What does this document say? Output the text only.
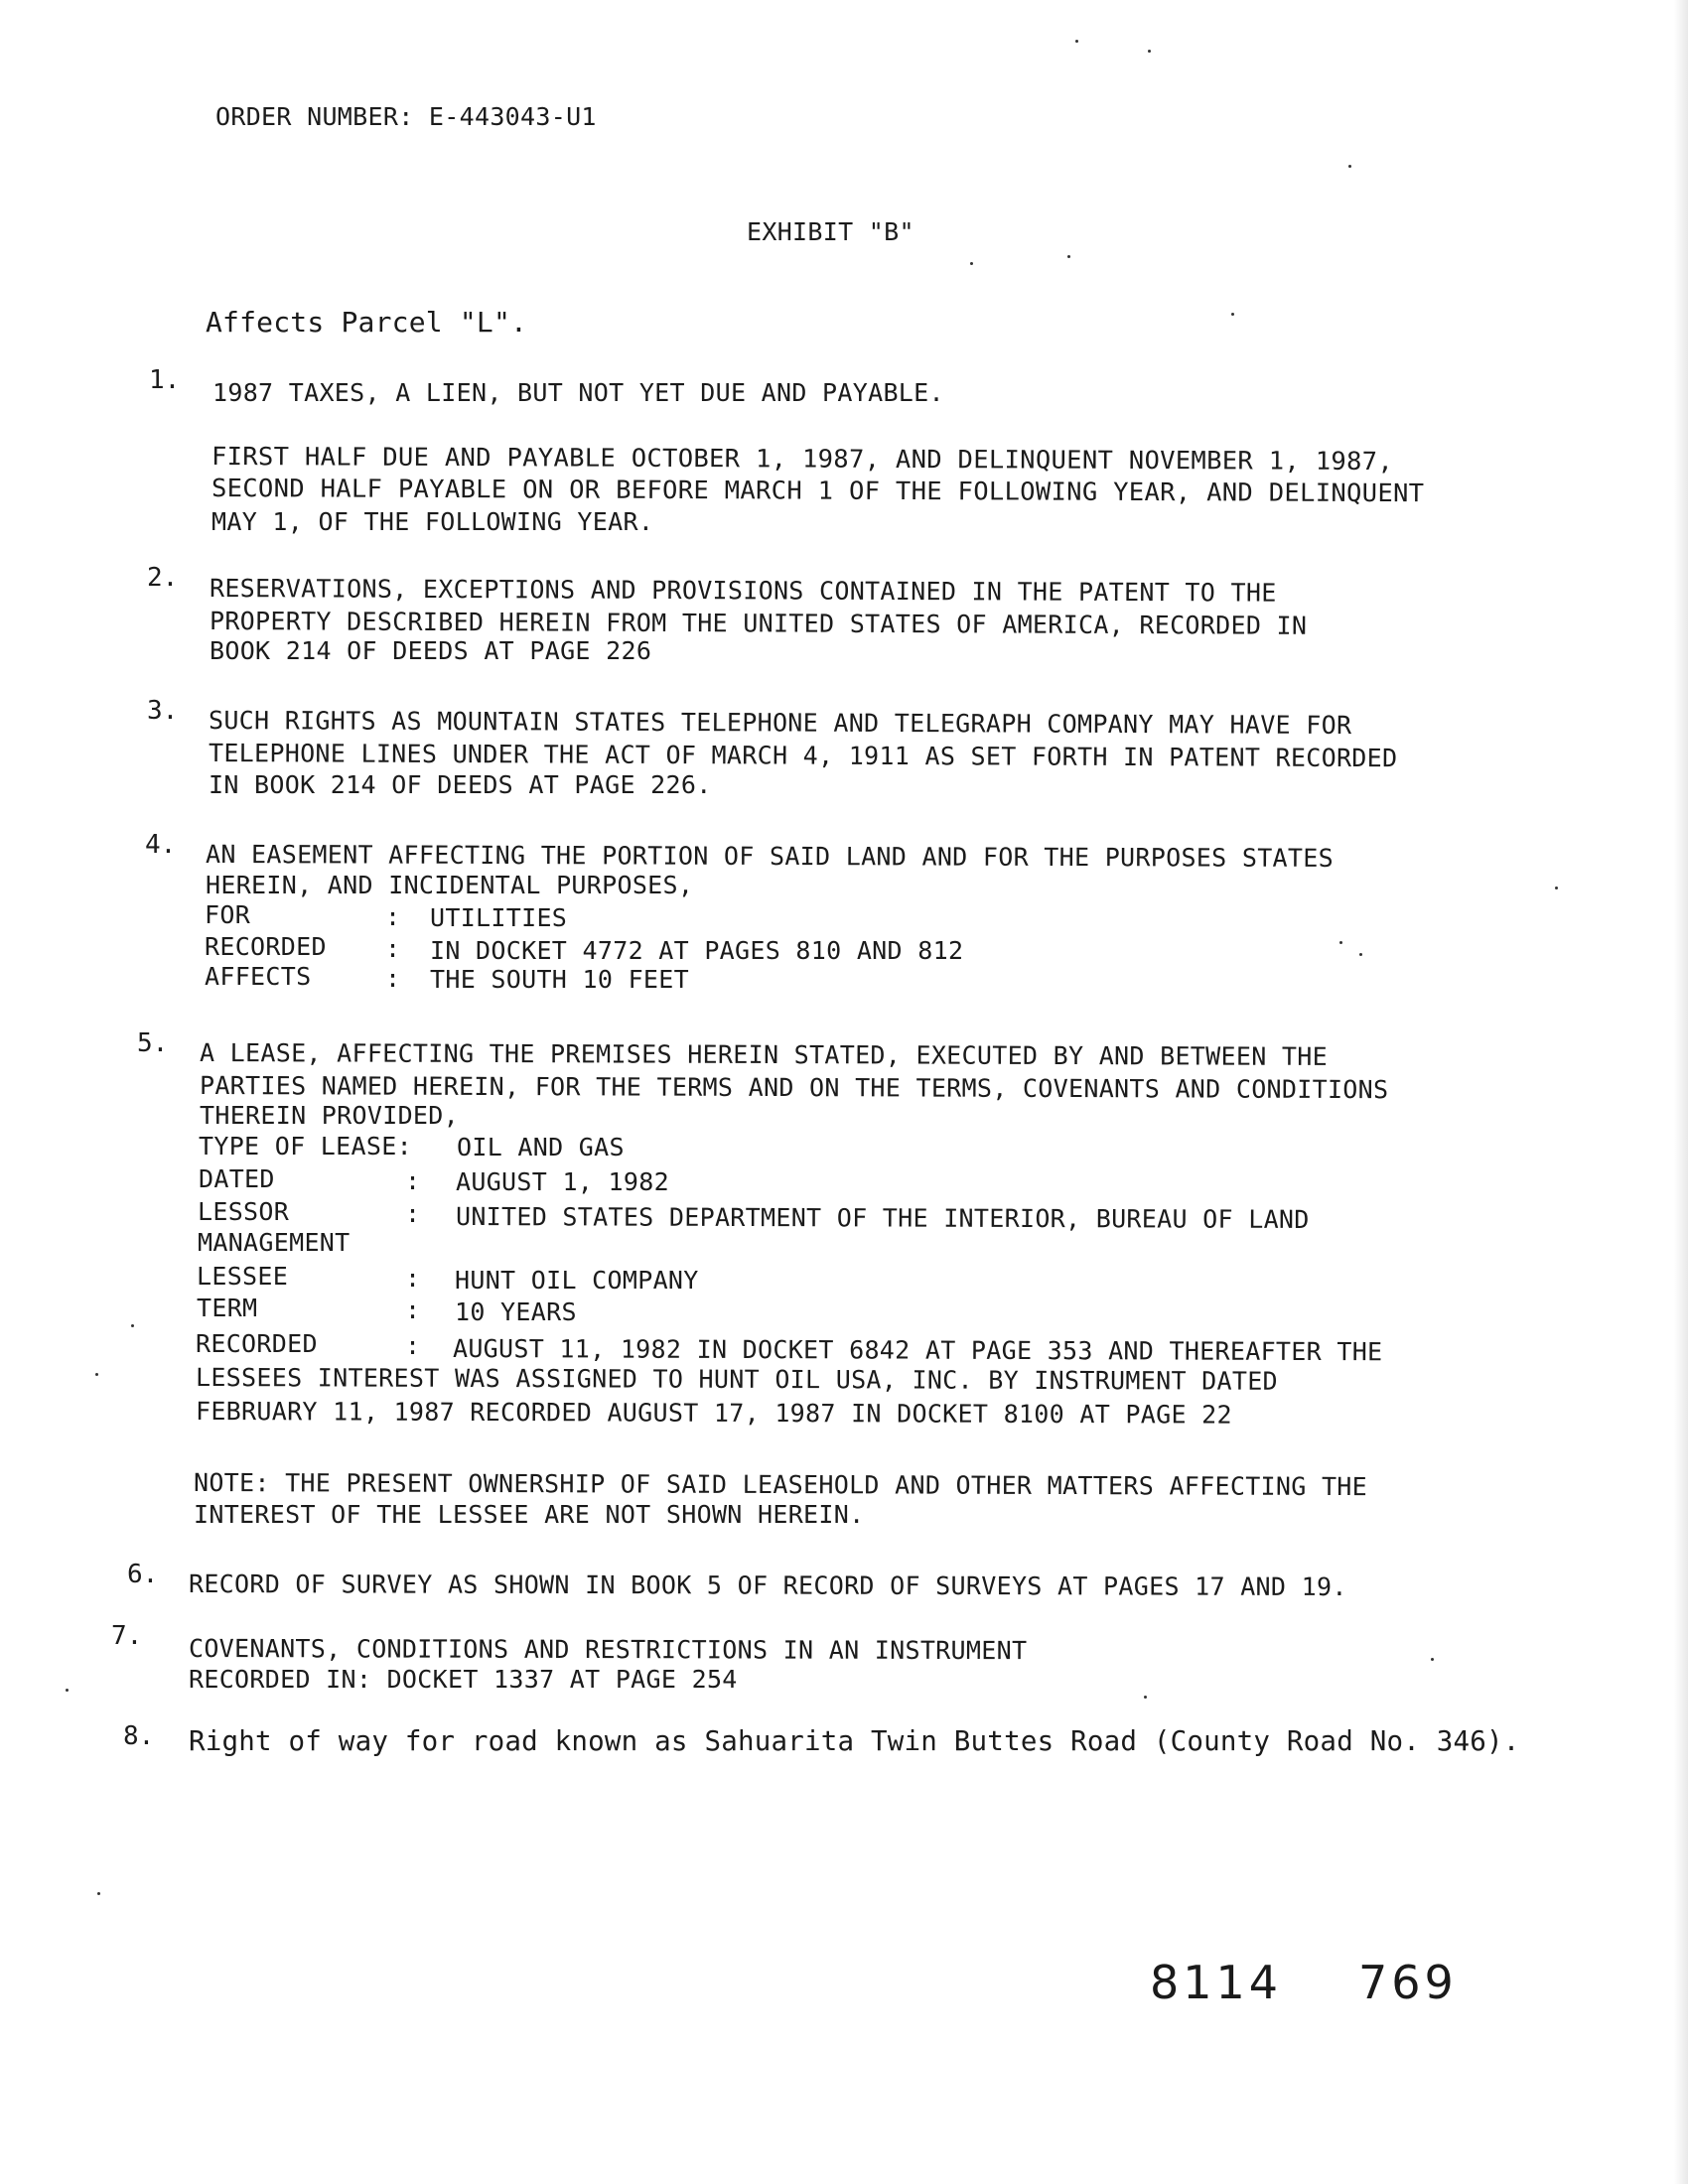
ORDER NUMBER: E-443043-U1
EXHIBIT "B"
Affects Parcel "L".
1. 1987 TAXES, A LIEN, BUT NOT YET DUE AND PAYABLE.
FIRST HALF DUE AND PAYABLE OCTOBER 1, 1987, AND DELINQUENT NOVEMBER 1, 1987,
SECOND HALF PAYABLE ON OR BEFORE MARCH 1 OF THE FOLLOWING YEAR, AND DELINQUENT
MAY 1, OF THE FOLLOWING YEAR.
2. RESERVATIONS, EXCEPTIONS AND PROVISIONS CONTAINED IN THE PATENT TO THE
PROPERTY DESCRIBED HEREIN FROM THE UNITED STATES OF AMERICA, RECORDED IN
BOOK 214 OF DEEDS AT PAGE 226
3. SUCH RIGHTS AS MOUNTAIN STATES TELEPHONE AND TELEGRAPH COMPANY MAY HAVE FOR
TELEPHONE LINES UNDER THE ACT OF MARCH 4, 1911 AS SET FORTH IN PATENT RECORDED
IN BOOK 214 OF DEEDS AT PAGE 226.
4. AN EASEMENT AFFECTING THE PORTION OF SAID LAND AND FOR THE PURPOSES STATES
HEREIN, AND INCIDENTAL PURPOSES,
FOR	: UTILITIES
RECORDED : IN DOCKET 4772 AT PAGES 810 AND 812
AFFECTS	: THE SOUTH 10 FEET
5. A LEASE, AFFECTING THE PREMISES HEREIN STATED, EXECUTED BY AND BETWEEN THE
PARTIES NAMED HEREIN, FOR THE TERMS AND ON THE TERMS, COVENANTS AND CONDITIONS
THEREIN PROVIDED,
TYPE OF LEASE: OIL AND GAS
DATED	: AUGUST 1, 1982
LESSOR	: UNITED STATES DEPARTMENT OF THE INTERIOR, BUREAU OF LAND
MANAGEMENT
LESSEE	: HUNT OIL COMPANY
TERM	: 10 YEARS
RECORDED	: AUGUST 11, 1982 IN DOCKET 6842 AT PAGE 353 AND THEREAFTER THE
LESSEES INTEREST WAS ASSIGNED TO HUNT OIL USA, INC. BY INSTRUMENT DATED
FEBRUARY 11, 1987 RECORDED AUGUST 17, 1987 IN DOCKET 8100 AT PAGE 22
NOTE: THE PRESENT OWNERSHIP OF SAID LEASEHOLD AND OTHER MATTERS AFFECTING THE
INTEREST OF THE LESSEE ARE NOT SHOWN HEREIN.
6. RECORD OF SURVEY AS SHOWN IN BOOK 5 OF RECORD OF SURVEYS AT PAGES 17 AND 19.
7. COVENANTS, CONDITIONS AND RESTRICTIONS IN AN INSTRUMENT
RECORDED IN: DOCKET 1337 AT PAGE 254
8. Right of way for road known as Sahuarita Twin Buttes Road (County Road No. 346).
8114 769
